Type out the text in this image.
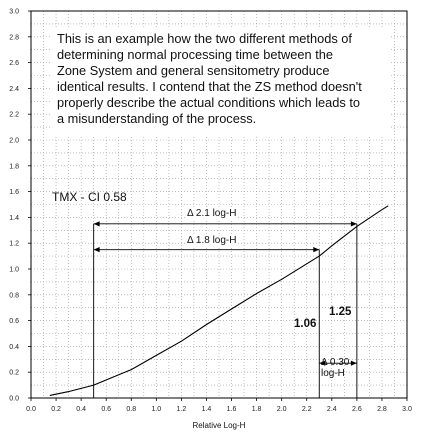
0.0 0.2 0.4 0.6 0.8 1.0 1.2 1.4 1.6 1.8 2.0 2.2 2.4 2.6 2.8 3.0
0.0
0.2
0.4
0.6
0.8
1.0
1.2
1.4
1.6
1.8
2.0
2.2
2.4
2.6
2.8
3.0
Relative Log-H
This is an example how the two different methods of
determining normal processing time between the
Zone System and general sensitometry produce
identical results. I contend that the ZS method doesn't
properly describe the actual conditions which leads to
a misunderstanding of the process.
TMX - CI 0.58
Δ 2.1 log-H
Δ 1.8 log-H
1.06
1.25
Δ 0.30
log-H
